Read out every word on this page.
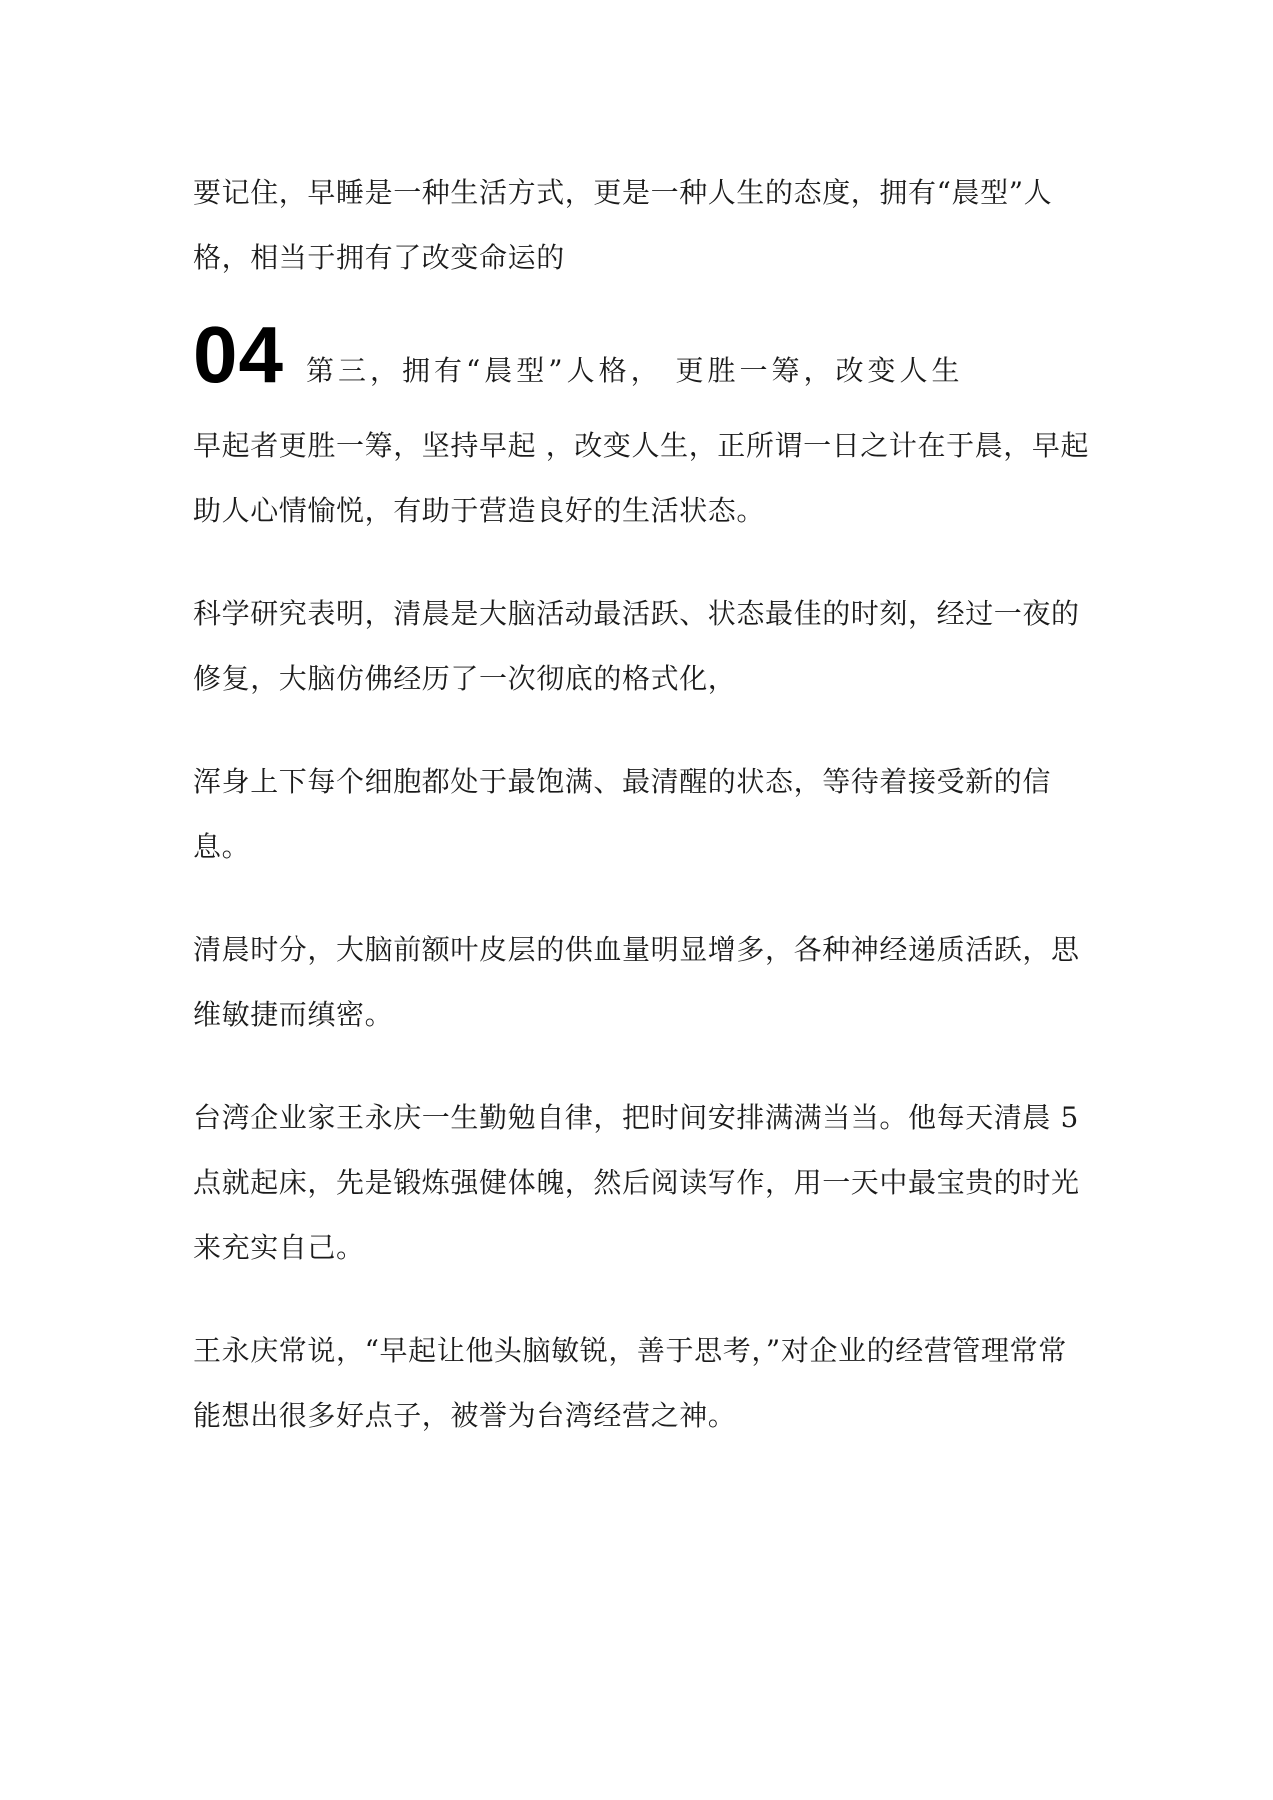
要记住，早睡是一种生活方式，更是一种人生的态度，拥有“晨型”人格，相当于拥有了改变命运的

04 第三，拥有“晨型”人格， 更胜一筹，改变人生

早起者更胜一筹，坚持早起 ，改变人生，正所谓一日之计在于晨，早起助人心情愉悦，有助于营造良好的生活状态。

科学研究表明，清晨是大脑活动最活跃、状态最佳的时刻，经过一夜的修复，大脑仿佛经历了一次彻底的格式化，

浑身上下每个细胞都处于最饱满、最清醒的状态，等待着接受新的信息。

清晨时分，大脑前额叶皮层的供血量明显增多，各种神经递质活跃，思维敏捷而缜密。

台湾企业家王永庆一生勤勉自律，把时间安排满满当当。他每天清晨 5 点就起床，先是锻炼强健体魄，然后阅读写作，用一天中最宝贵的时光来充实自己。

王永庆常说，“早起让他头脑敏锐，善于思考，”对企业的经营管理常常能想出很多好点子，被誉为台湾经营之神。
